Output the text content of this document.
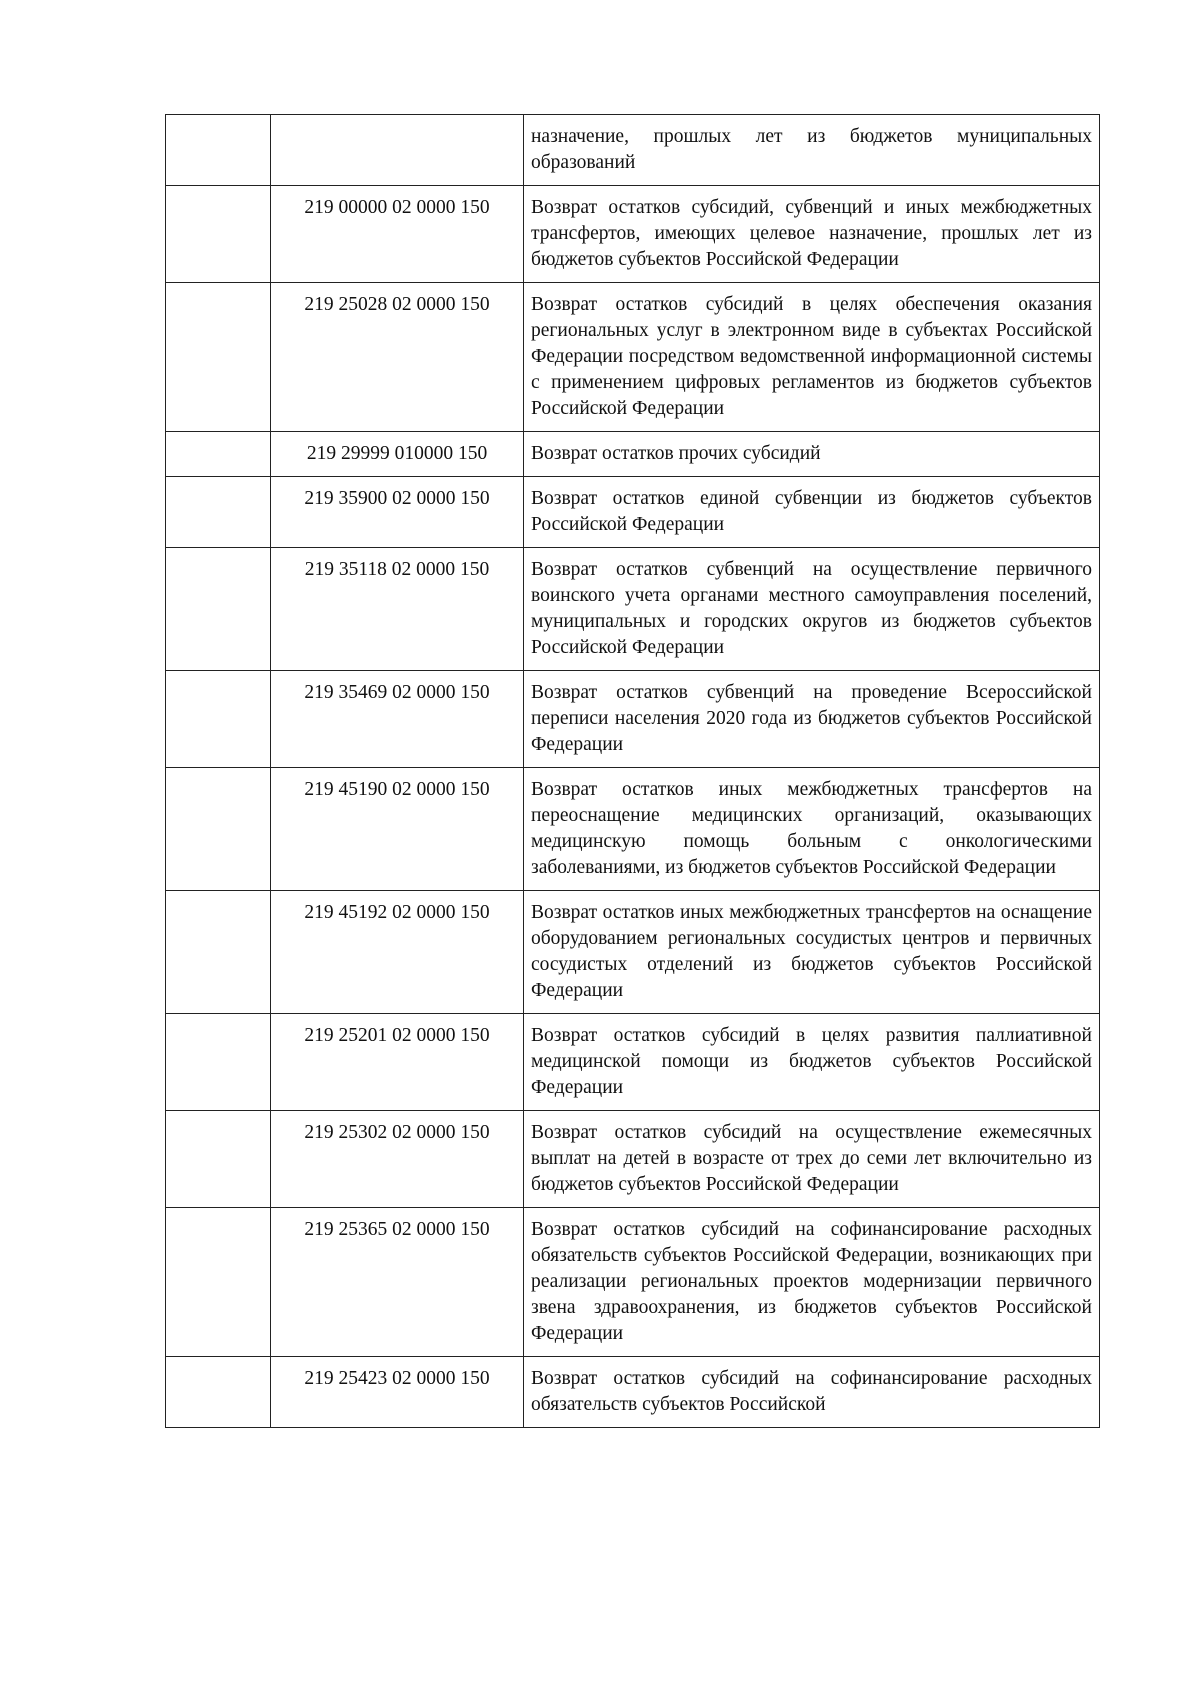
		назначение, прошлых лет из бюджетов муниципальных образований
	219 00000 02 0000 150	Возврат остатков субсидий, субвенций и иных межбюджетных трансфертов, имеющих целевое назначение, прошлых лет из бюджетов субъектов Российской Федерации
	219 25028 02 0000 150	Возврат остатков субсидий в целях обеспечения оказания региональных услуг в электронном виде в субъектах Российской Федерации посредством ведомственной информационной системы с применением цифровых регламентов из бюджетов субъектов Российской Федерации
	219 29999 010000 150	Возврат остатков прочих субсидий
	219 35900 02 0000 150	Возврат остатков единой субвенции из бюджетов субъектов Российской Федерации
	219 35118 02 0000 150	Возврат остатков субвенций на осуществление первичного воинского учета органами местного самоуправления поселений, муниципальных и городских округов из бюджетов субъектов Российской Федерации
	219 35469 02 0000 150	Возврат остатков субвенций на проведение Всероссийской переписи населения 2020 года из бюджетов субъектов Российской Федерации
	219 45190 02 0000 150	Возврат остатков иных межбюджетных трансфертов на переоснащение медицинских организаций, оказывающих медицинскую помощь больным с онкологическими заболеваниями, из бюджетов субъектов Российской Федерации
	219 45192 02 0000 150	Возврат остатков иных межбюджетных трансфертов на оснащение оборудованием региональных сосудистых центров и первичных сосудистых отделений из бюджетов субъектов Российской Федерации
	219 25201 02 0000 150	Возврат остатков субсидий в целях развития паллиативной медицинской помощи из бюджетов субъектов Российской Федерации
	219 25302 02 0000 150	Возврат остатков субсидий на осуществление ежемесячных выплат на детей в возрасте от трех до семи лет включительно из бюджетов субъектов Российской Федерации
	219 25365 02 0000 150	Возврат остатков субсидий на софинансирование расходных обязательств субъектов Российской Федерации, возникающих при реализации региональных проектов модернизации первичного звена здравоохранения, из бюджетов субъектов Российской Федерации
	219 25423 02 0000 150	Возврат остатков субсидий на софинансирование расходных обязательств субъектов Российской
